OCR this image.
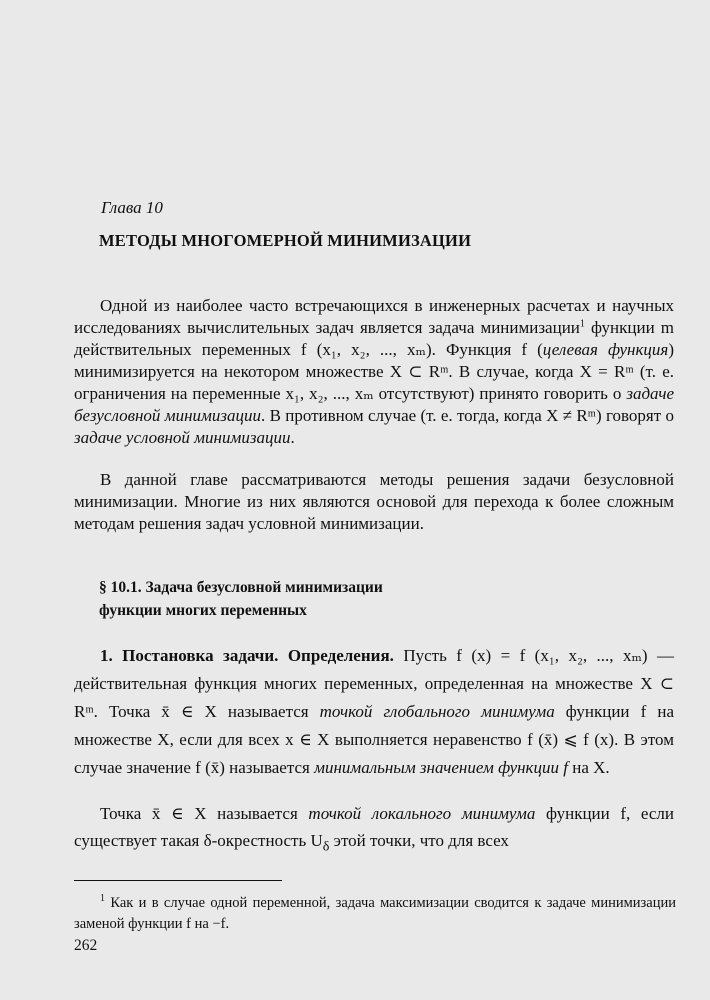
Глава 10
МЕТОДЫ МНОГОМЕРНОЙ МИНИМИЗАЦИИ

Одной из наиболее часто встречающихся в инженерных расчетах и научных исследованиях вычислительных задач является задача минимизации$^1$ функции m действительных переменных f (x₁, x₂, ..., xₘ). Функция f (целевая функция) минимизируется на некотором множестве X ⊂ Rᵐ. В случае, когда X = Rᵐ (т. е. ограничения на переменные x₁, x₂, ..., xₘ отсутствуют) принято говорить о задаче безусловной минимизации. В противном случае (т. е. тогда, когда X ≠ Rᵐ) говорят о задаче условной минимизации.

В данной главе рассматриваются методы решения задачи безусловной минимизации. Многие из них являются основой для перехода к более сложным методам решения задач условной минимизации.

§ 10.1. Задача безусловной минимизации
функции многих переменных

1. Постановка задачи. Определения. Пусть f (x) = f (x₁, x₂, ..., xₘ) — действительная функция многих переменных, определенная на множестве X ⊂ Rᵐ. Точка x̄ ∈ X называется точкой глобального минимума функции f на множестве X, если для всех x ∈ X выполняется неравенство f (x̄) ⩽ f (x). В этом случае значение f (x̄) называется минимальным значением функции f на X.

Точка x̄ ∈ X называется точкой локального минимума функции f, если существует такая δ-окрестность $U_\delta$ этой точки, что для всех

$^1$ Как и в случае одной переменной, задача максимизации сводится к задаче минимизации заменой функции f на −f.

262
